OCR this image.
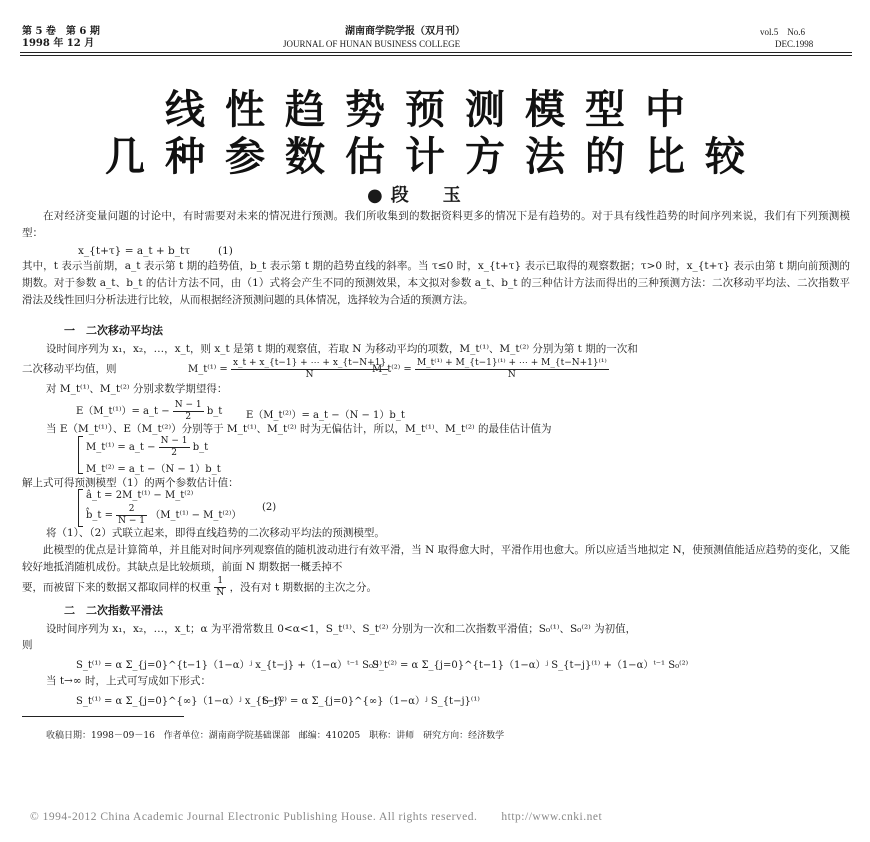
第 5 卷　第 6 期
1998 年 12 月
湖南商学院学报（双月刊）
JOURNAL OF HUNAN BUSINESS COLLEGE
vol.5　No.6
DEC.1998
线性趋势预测模型中
几种参数估计方法的比较
●段　玉
在对经济变量问题的讨论中，有时需要对未来的情况进行预测。我们所收集到的数据资料更多的情况下是有趋势的。对于具有线性趋势的时间序列来说，我们有下列预测模型：
x_{t+τ} = a_t + b_tτ	(1)
其中，t 表示当前期，a_t 表示第 t 期的趋势值，b_t 表示第 t 期的趋势直线的斜率。当 τ≤0 时，x_{t+τ} 表示已取得的观察数据；τ>0 时，x_{t+τ} 表示由第 t 期向前预测的期数。对于参数 a_t、b_t 的估计方法不同，由（1）式将会产生不同的预测效果，本文拟对参数 a_t、b_t 的三种估计方法而得出的三种预测方法：二次移动平均法、二次指数平滑法及线性回归分析法进行比较，从而根据经济预测问题的具体情况，选择较为合适的预测方法。
一　二次移动平均法
设时间序列为 x₁，x₂，…，x_t，则 x_t 是第 t 期的观察值，若取 N 为移动平均的项数，M_t⁽¹⁾、M_t⁽²⁾ 分别为第 t 期的一次和
二次移动平均值，则	M_t⁽¹⁾ = $\frac{x\_t + x\_\{t-1\} + \cdots + x\_\{t-N+1\}}{N}$
M_t⁽²⁾ = $\frac{\text{M\_t⁽¹⁾ + M\_\{t−1\}⁽¹⁾ + ⋯ + M\_\{t−N+1\}⁽¹⁾}}{N}$
对 M_t⁽¹⁾、M_t⁽²⁾ 分别求数学期望得：
E（M_t⁽¹⁾）= a_t − $\frac{N - 1}{2}$ b_t E（M_t⁽²⁾）= a_t −（N − 1）b_t
当 E（M_t⁽¹⁾）、E（M_t⁽²⁾）分别等于 M_t⁽¹⁾、M_t⁽²⁾ 时为无偏估计，所以，M_t⁽¹⁾、M_t⁽²⁾ 的最佳估计值为
M_t⁽¹⁾ = a_t − $\frac{N - 1}{2}$ b_t
M_t⁽²⁾ = a_t −（N − 1）b_t
解上式可得预测模型（1）的两个参数估计值：
â_t = 2M_t⁽¹⁾ − M_t⁽²⁾
b̂_t = $\frac{2}{N - 1}$ （M_t⁽¹⁾ − M_t⁽²⁾）
(2)
将（1）、（2）式联立起来，即得直线趋势的二次移动平均法的预测模型。
此模型的优点是计算简单，并且能对时间序列观察值的随机波动进行有效平滑，当 N 取得愈大时，平滑作用也愈大。所以应适当地拟定 N，使预测值能适应趋势的变化，又能较好地抵消随机成份。其缺点是比较烦琐，前面 N 期数据一概丢掉不
要，而被留下来的数据又都取同样的权重 $\frac{1}{N}$ ，没有对 t 期数据的主次之分。
二　二次指数平滑法
设时间序列为 x₁，x₂，…，x_t；α 为平滑常数且 0<α<1，S_t⁽¹⁾、S_t⁽²⁾ 分别为一次和二次指数平滑值；S₀⁽¹⁾、S₀⁽²⁾ 为初值，
则
S_t⁽¹⁾ = α Σ_{j=0}^{t−1}（1−α）ʲ x_{t−j} +（1−α）ᵗ⁻¹ S₀⁽¹⁾
S_t⁽²⁾ = α Σ_{j=0}^{t−1}（1−α）ʲ S_{t−j}⁽¹⁾ +（1−α）ᵗ⁻¹ S₀⁽²⁾
当 t→∞ 时，上式可写成如下形式：
S_t⁽¹⁾ = α Σ_{j=0}^{∞}（1−α）ʲ x_{t−j}
S_t⁽²⁾ = α Σ_{j=0}^{∞}（1−α）ʲ S_{t−j}⁽¹⁾
收稿日期：1998－09－16　作者单位：湖南商学院基础课部　邮编：410205　职称：讲师　研究方向：经济数学
© 1994-2012 China Academic Journal Electronic Publishing House. All rights reserved.　　http://www.cnki.net
